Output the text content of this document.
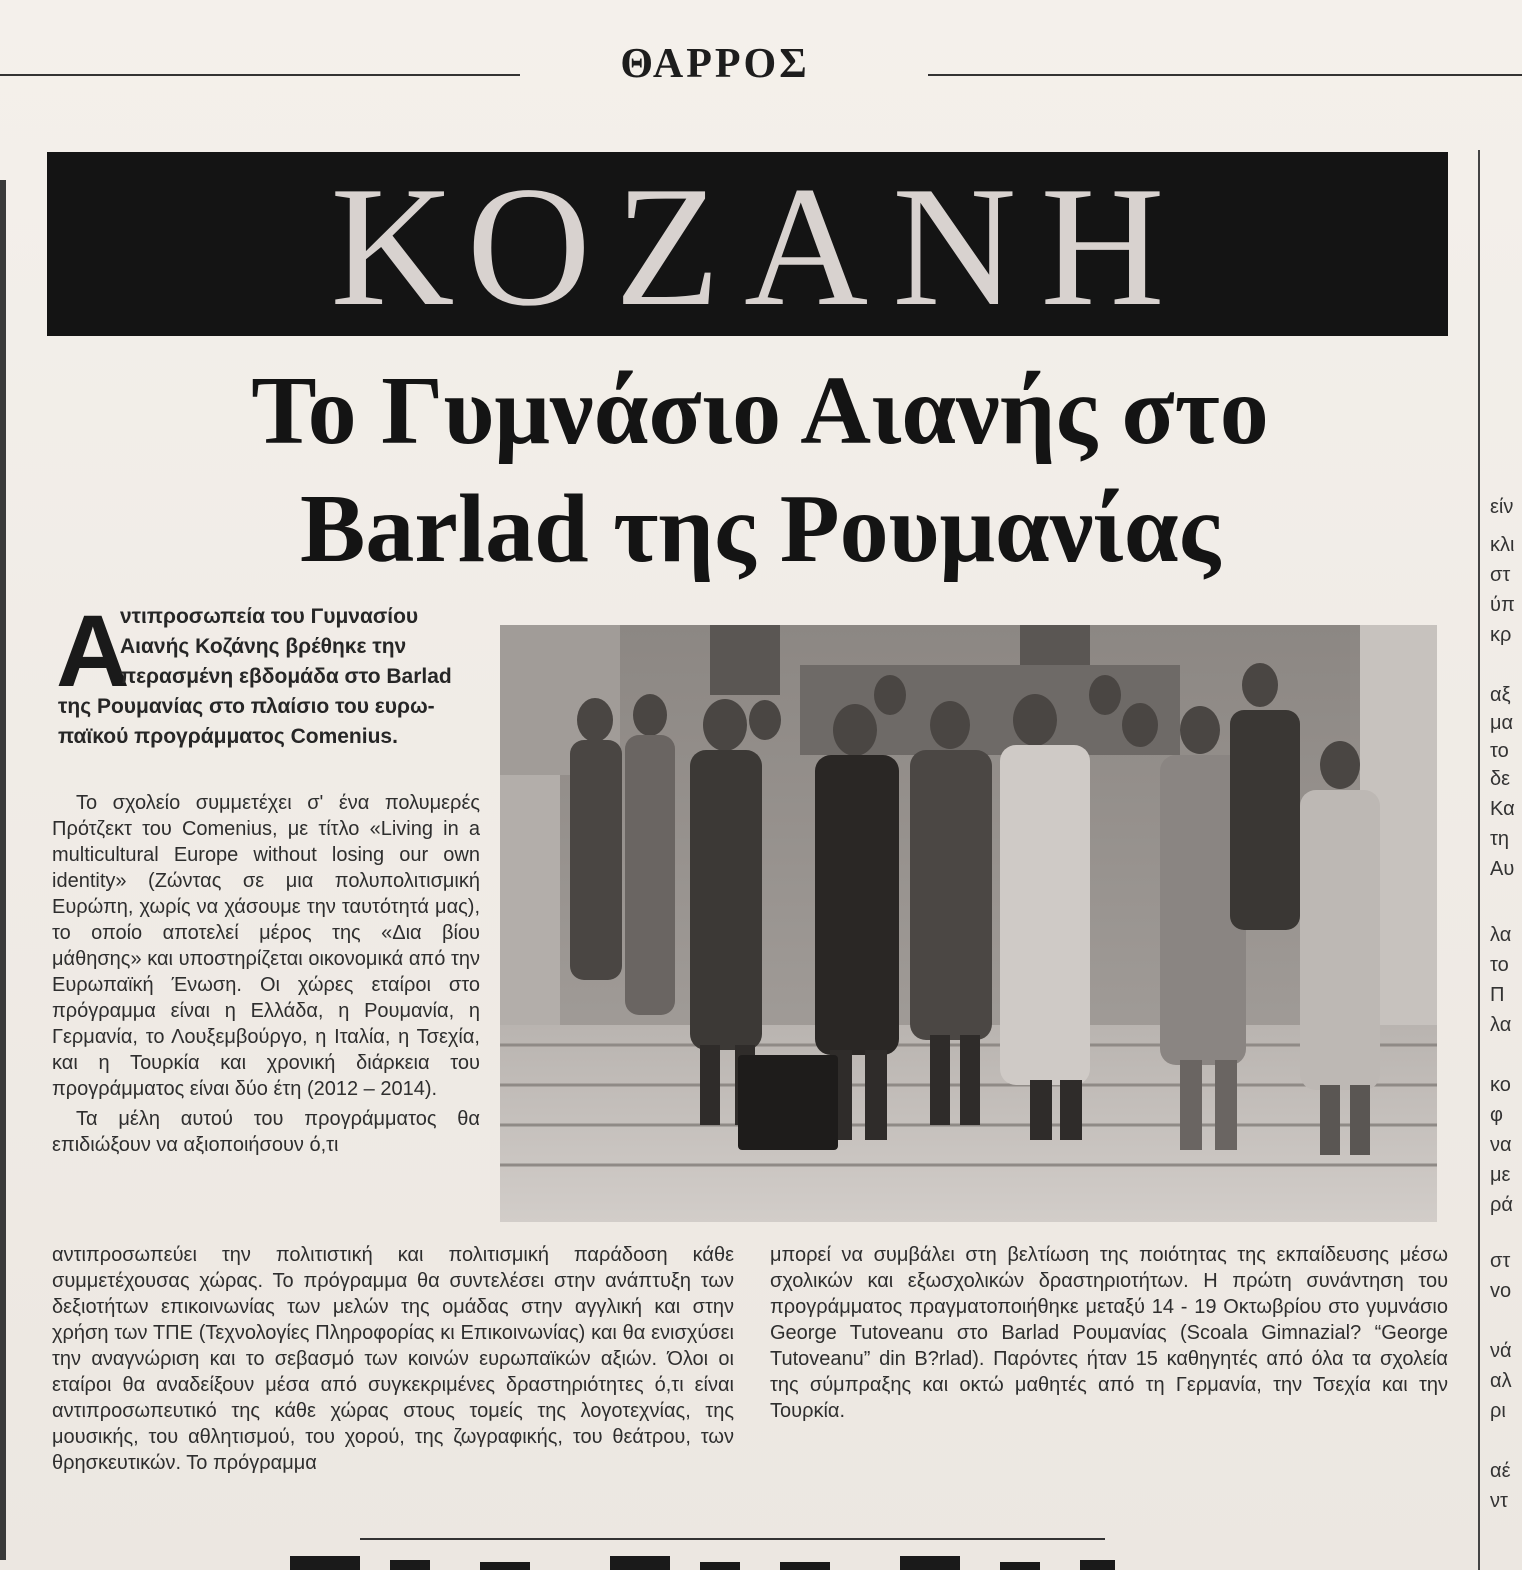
ΘΑΡΡΟΣ
ΚΟΖΑΝΗ
Το Γυμνάσιο Αιανής στο
Barlad της Ρουμανίας
Α
ντιπροσωπεία του Γυμνασίου
Αιανής Κοζάνης βρέθηκε την
περασμένη εβδομάδα στο Barlad
της Ρουμανίας στο πλαίσιο του ευρω-
παϊκού προγράμματος Comenius.

Το σχολείο συμμετέχει σ' ένα πολυμερές Πρότζεκτ του Comenius, με τίτλο «Living in a multicultural Europe without losing our own identity» (Ζώντας σε μια πολυπολιτισμική Ευρώπη, χωρίς να χάσουμε την ταυτότητά μας), το οποίο αποτελεί μέρος της «Δια βίου μάθησης» και υποστηρίζεται οικονομικά από την Ευρωπαϊκή Ένωση. Οι χώρες εταίροι στο πρόγραμμα είναι η Ελλάδα, η Ρουμανία, η Γερμανία, το Λουξεμβούργο, η Ιταλία, η Τσεχία, και η Τουρκία και χρονική διάρκεια του προγράμματος είναι δύο έτη (2012 – 2014).

Τα μέλη αυτού του προγράμματος θα επιδιώξουν να αξιοποιήσουν ό,τι

αντιπροσωπεύει την πολιτιστική και πολιτισμική παράδοση κάθε συμμετέχουσας χώρας. Το πρόγραμμα θα συντελέσει στην ανάπτυξη των δεξιοτήτων επικοινωνίας των μελών της ομάδας στην αγγλική και στην χρήση των ΤΠΕ (Τεχνολογίες Πληροφορίας κι Επικοινωνίας) και θα ενισχύσει την αναγνώριση και το σεβασμό των κοινών ευρωπαϊκών αξιών. Όλοι οι εταίροι θα αναδείξουν μέσα από συγκεκριμένες δραστηριότητες ό,τι είναι αντιπροσωπευτικό της κάθε χώρας στους τομείς της λογοτεχνίας, της μουσικής, του αθλητισμού, του χορού, της ζωγραφικής, του θεάτρου, των θρησκευτικών. Το πρόγραμμα

μπορεί να συμβάλει στη βελτίωση της ποιότητας της εκπαίδευσης μέσω σχολικών και εξωσχολικών δραστηριοτήτων. Η πρώτη συνάντηση του προγράμματος πραγματοποιήθηκε μεταξύ 14 - 19 Οκτωβρίου στο γυμνάσιο George Tutoveanu στο Barlad Ρουμανίας (Scoala Gimnazial? “George Tutoveanu” din B?rlad). Παρόντες ήταν 15 καθηγητές από όλα τα σχολεία της σύμπραξης και οκτώ μαθητές από τη Γερμανία, την Τσεχία και την Τουρκία.

είν
κλι
στ
ύπ
κρ
αξ
μα
το
δε
Κα
τη
Αυ
λα
το
Π
λα
κο
φ
να
με
ρά
στ
vo
νά
αλ
ρι
αέ
ντ
